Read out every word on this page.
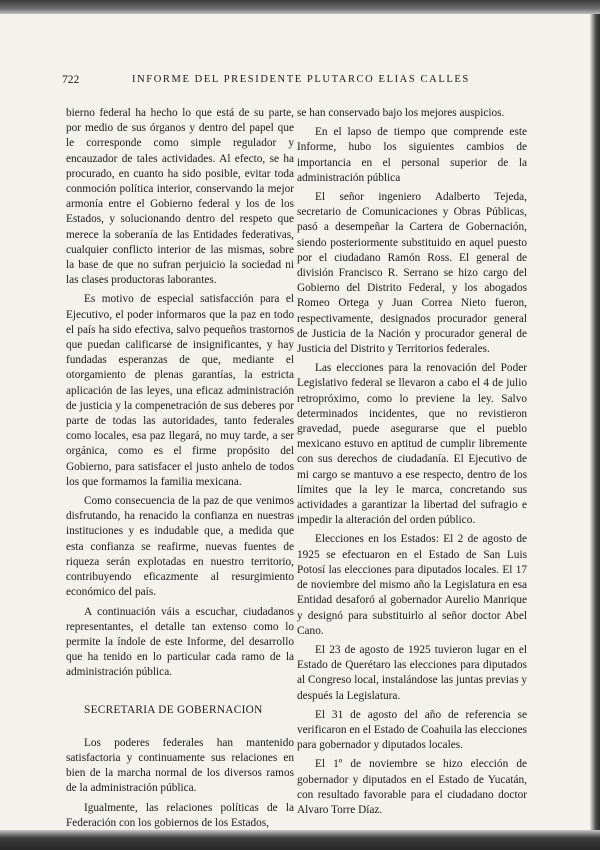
722	INFORME DEL PRESIDENTE PLUTARCO ELIAS CALLES

bierno federal ha hecho lo que está de su parte, por medio de sus órganos y dentro del papel que le corresponde como simple regulador y encauzador de tales actividades. Al efecto, se ha procurado, en cuanto ha sido posible, evitar toda conmoción política interior, conservando la mejor armonía entre el Gobierno federal y los de los Estados, y solucionando dentro del respeto que merece la soberanía de las Entidades federativas, cualquier conflicto interior de las mismas, sobre la base de que no sufran perjuicio la sociedad ni las clases productoras laborantes.

Es motivo de especial satisfacción para el Ejecutivo, el poder informaros que la paz en todo el país ha sido efectiva, salvo pequeños trastornos que puedan calificarse de insignificantes, y hay fundadas esperanzas de que, mediante el otorgamiento de plenas garantías, la estricta aplicación de las leyes, una eficaz administración de justicia y la compenetración de sus deberes por parte de todas las autoridades, tanto federales como locales, esa paz llegará, no muy tarde, a ser orgánica, como es el firme propósito del Gobierno, para satisfacer el justo anhelo de todos los que formamos la familia mexicana.

Como consecuencia de la paz de que venimos disfrutando, ha renacido la confianza en nuestras instituciones y es indudable que, a medida que esta confianza se reafirme, nuevas fuentes de riqueza serán explotadas en nuestro territorio, contribuyendo eficazmente al resurgimiento económico del país.

A continuación váis a escuchar, ciudadanos representantes, el detalle tan extenso como lo permite la índole de este Informe, del desarrollo que ha tenido en lo particular cada ramo de la administración pública.

SECRETARIA DE GOBERNACION

Los poderes federales han mantenido satisfactoria y continuamente sus relaciones en bien de la marcha normal de los diversos ramos de la administración pública.

Igualmente, las relaciones políticas de la Federación con los gobiernos de los Estados,

se han conservado bajo los mejores auspicios.

En el lapso de tiempo que comprende este Informe, hubo los siguientes cambios de importancia en el personal superior de la administración pública

El señor ingeniero Adalberto Tejeda, secretario de Comunicaciones y Obras Públicas, pasó a desempeñar la Cartera de Gobernación, siendo posteriormente substituido en aquel puesto por el ciudadano Ramón Ross. El general de división Francisco R. Serrano se hizo cargo del Gobierno del Distrito Federal, y los abogados Romeo Ortega y Juan Correa Nieto fueron, respectivamente, designados procurador general de Justicia de la Nación y procurador general de Justicia del Distrito y Territorios federales.

Las elecciones para la renovación del Poder Legislativo federal se llevaron a cabo el 4 de julio retropróximo, como lo previene la ley. Salvo determinados incidentes, que no revistieron gravedad, puede asegurarse que el pueblo mexicano estuvo en aptitud de cumplir libremente con sus derechos de ciudadanía. El Ejecutivo de mi cargo se mantuvo a ese respecto, dentro de los límites que la ley le marca, concretando sus actividades a garantizar la libertad del sufragio e impedir la alteración del orden público.

Elecciones en los Estados: El 2 de agosto de 1925 se efectuaron en el Estado de San Luis Potosí las elecciones para diputados locales. El 17 de noviembre del mismo año la Legislatura en esa Entidad desaforó al gobernador Aurelio Manrique y designó para substituirlo al señor doctor Abel Cano.

El 23 de agosto de 1925 tuvieron lugar en el Estado de Querétaro las elecciones para diputados al Congreso local, instalándose las juntas previas y después la Legislatura.

El 31 de agosto del año de referencia se verificaron en el Estado de Coahuila las elecciones para gobernador y diputados locales.

El 1º de noviembre se hizo elección de gobernador y diputados en el Estado de Yucatán, con resultado favorable para el ciudadano doctor Alvaro Torre Díaz.
